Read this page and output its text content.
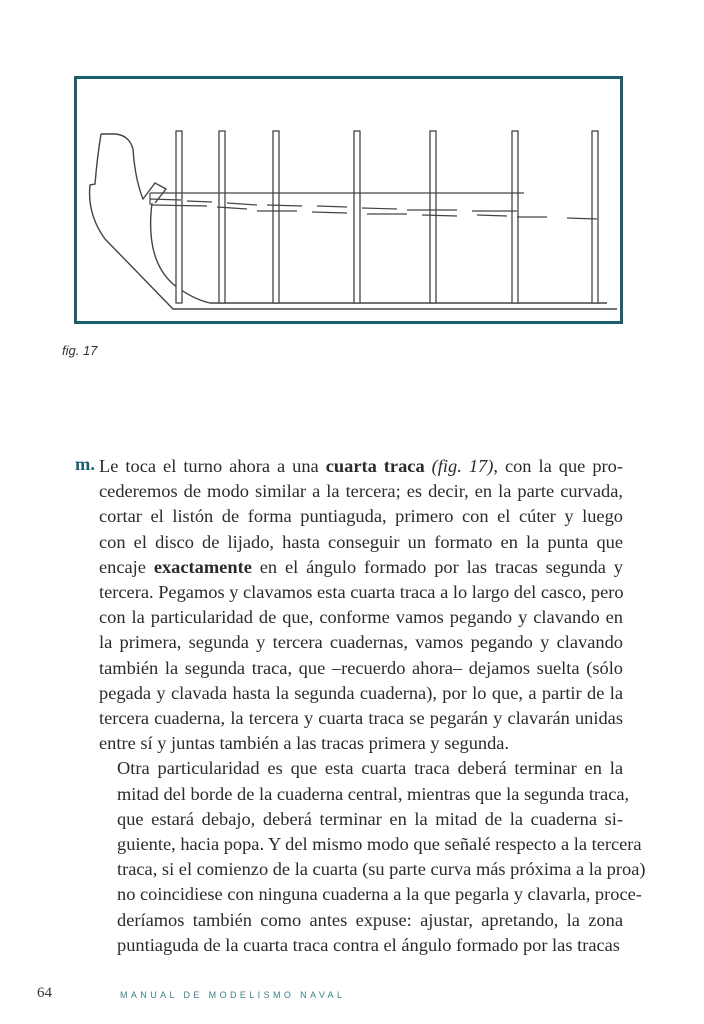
fig. 17
m. Le toca el turno ahora a una cuarta traca (fig. 17), con la que pro-
cederemos de modo similar a la tercera; es decir, en la parte curvada,
cortar el listón de forma puntiaguda, primero con el cúter y luego
con el disco de lijado, hasta conseguir un formato en la punta que
encaje exactamente en el ángulo formado por las tracas segunda y
tercera. Pegamos y clavamos esta cuarta traca a lo largo del casco, pero
con la particularidad de que, conforme vamos pegando y clavando en
la primera, segunda y tercera cuadernas, vamos pegando y clavando
también la segunda traca, que –recuerdo ahora– dejamos suelta (sólo
pegada y clavada hasta la segunda cuaderna), por lo que, a partir de la
tercera cuaderna, la tercera y cuarta traca se pegarán y clavarán unidas
entre sí y juntas también a las tracas primera y segunda.
Otra particularidad es que esta cuarta traca deberá terminar en la
mitad del borde de la cuaderna central, mientras que la segunda traca,
que estará debajo, deberá terminar en la mitad de la cuaderna si-
guiente, hacia popa. Y del mismo modo que señalé respecto a la tercera
traca, si el comienzo de la cuarta (su parte curva más próxima a la proa)
no coincidiese con ninguna cuaderna a la que pegarla y clavarla, proce-
deríamos también como antes expuse: ajustar, apretando, la zona
puntiaguda de la cuarta traca contra el ángulo formado por las tracas
64	MANUAL DE MODELISMO NAVAL
